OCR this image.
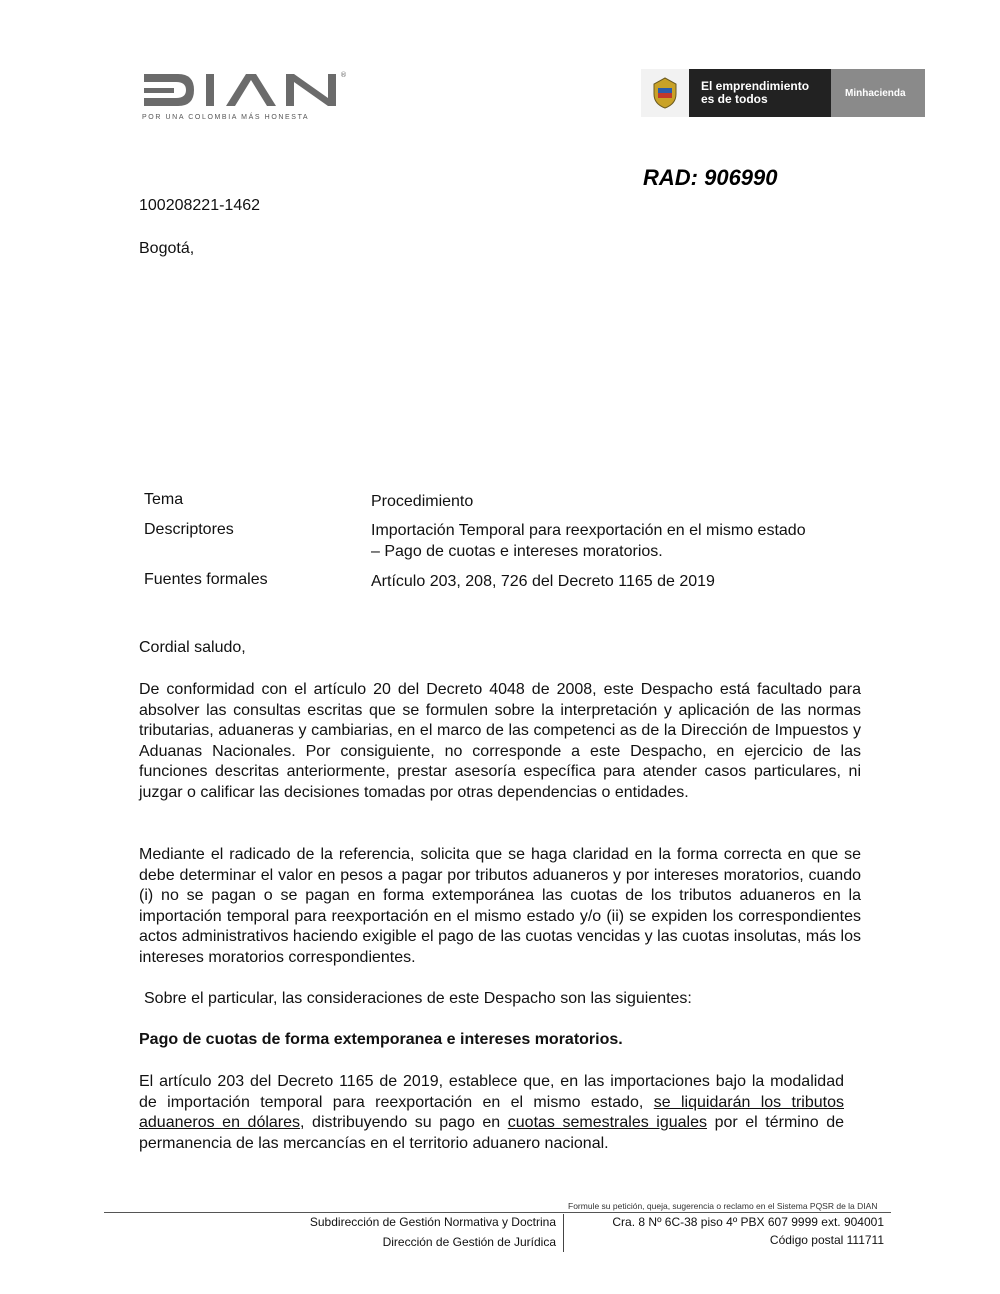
®
POR UNA COLOMBIA MÁS HONESTA
El emprendimiento
es de todos	Minhacienda
RAD: 906990
100208221-1462
Bogotá,
Tema	Procedimiento
Descriptores	Importación Temporal para reexportación en el mismo estado – Pago de cuotas e intereses moratorios.
Fuentes formales	Artículo 203, 208, 726 del Decreto 1165 de 2019
Cordial saludo,
De conformidad con el artículo 20 del Decreto 4048 de 2008, este Despacho está facultado para absolver las consultas escritas que se formulen sobre la interpretación y aplicación de las normas tributarias, aduaneras y cambiarias, en el marco de las competenci as de la Dirección de Impuestos y Aduanas Nacionales. Por consiguiente, no corresponde a este Despacho, en ejercicio de las funciones descritas anteriormente, prestar asesoría específica para atender casos particulares, ni juzgar o calificar las decisiones tomadas por otras dependencias o entidades.
Mediante el radicado de la referencia, solicita que se haga claridad en la forma correcta en que se debe determinar el valor en pesos a pagar por tributos aduaneros y por intereses moratorios, cuando (i) no se pagan o se pagan en forma extemporánea las cuotas de los tributos aduaneros en la importación temporal para reexportación en el mismo estado y/o (ii) se expiden los correspondientes actos administrativos haciendo exigible el pago de las cuotas vencidas y las cuotas insolutas, más los intereses moratorios correspondientes.
Sobre el particular, las consideraciones de este Despacho son las siguientes:
Pago de cuotas de forma extemporanea e intereses moratorios.
El artículo 203 del Decreto 1165 de 2019, establece que, en las importaciones bajo la modalidad de importación temporal para reexportación en el mismo estado, se liquidarán los tributos aduaneros en dólares, distribuyendo su pago en cuotas semestrales iguales por el término de permanencia de las mercancías en el territorio aduanero nacional.
Formule su petición, queja, sugerencia o reclamo en el Sistema PQSR de la DIAN
Subdirección de Gestión Normativa y Doctrina
Dirección de Gestión de Jurídica
Cra. 8 Nº 6C-38 piso 4º PBX 607 9999 ext. 904001
Código postal 111711
